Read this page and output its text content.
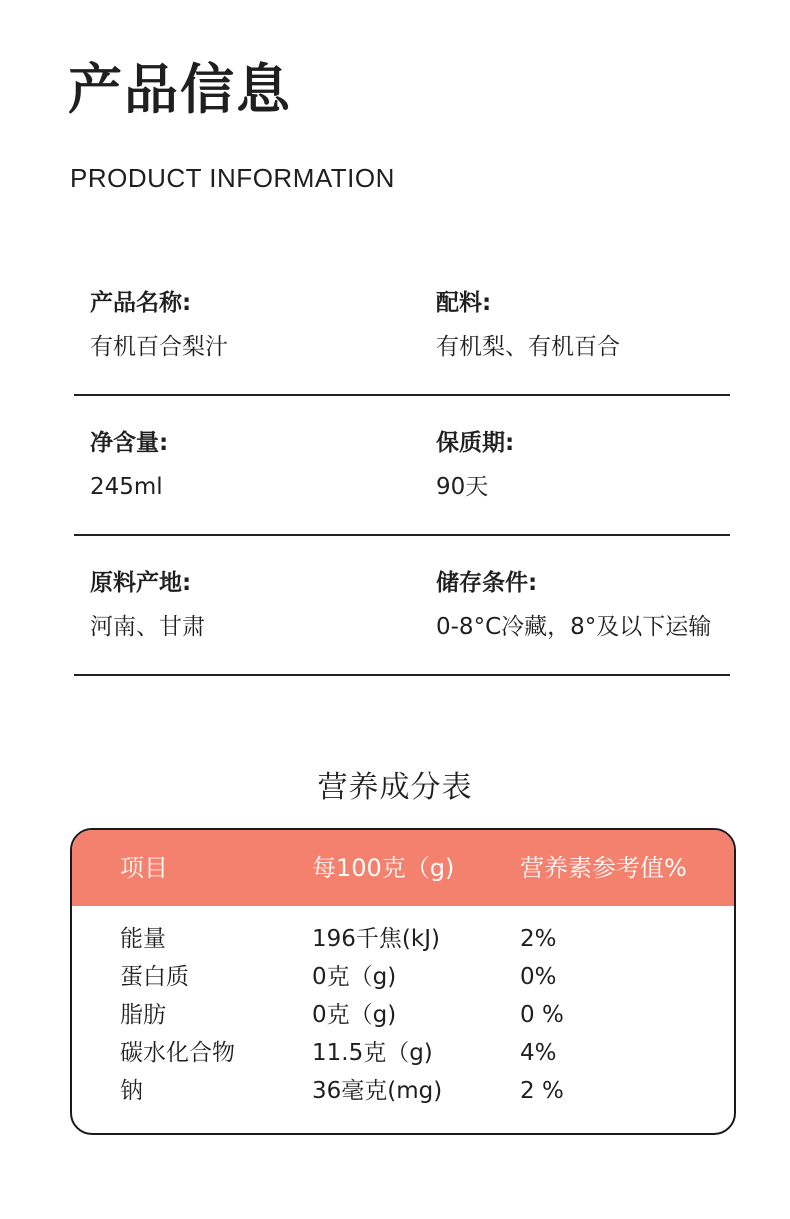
产品信息
PRODUCT INFORMATION
产品名称:
有机百合梨汁
配料:
有机梨、有机百合
净含量:
245ml
保质期:
90天
原料产地:
河南、甘肃
储存条件:
0-8°C冷藏，8°及以下运输
营养成分表
项目	每100克（g)	营养素参考值%
能量	196千焦(kJ)	2%
蛋白质	0克（g)	0%
脂肪	0克（g)	0 %
碳水化合物	11.5克（g)	4%
钠	36毫克(mg)	2 %
